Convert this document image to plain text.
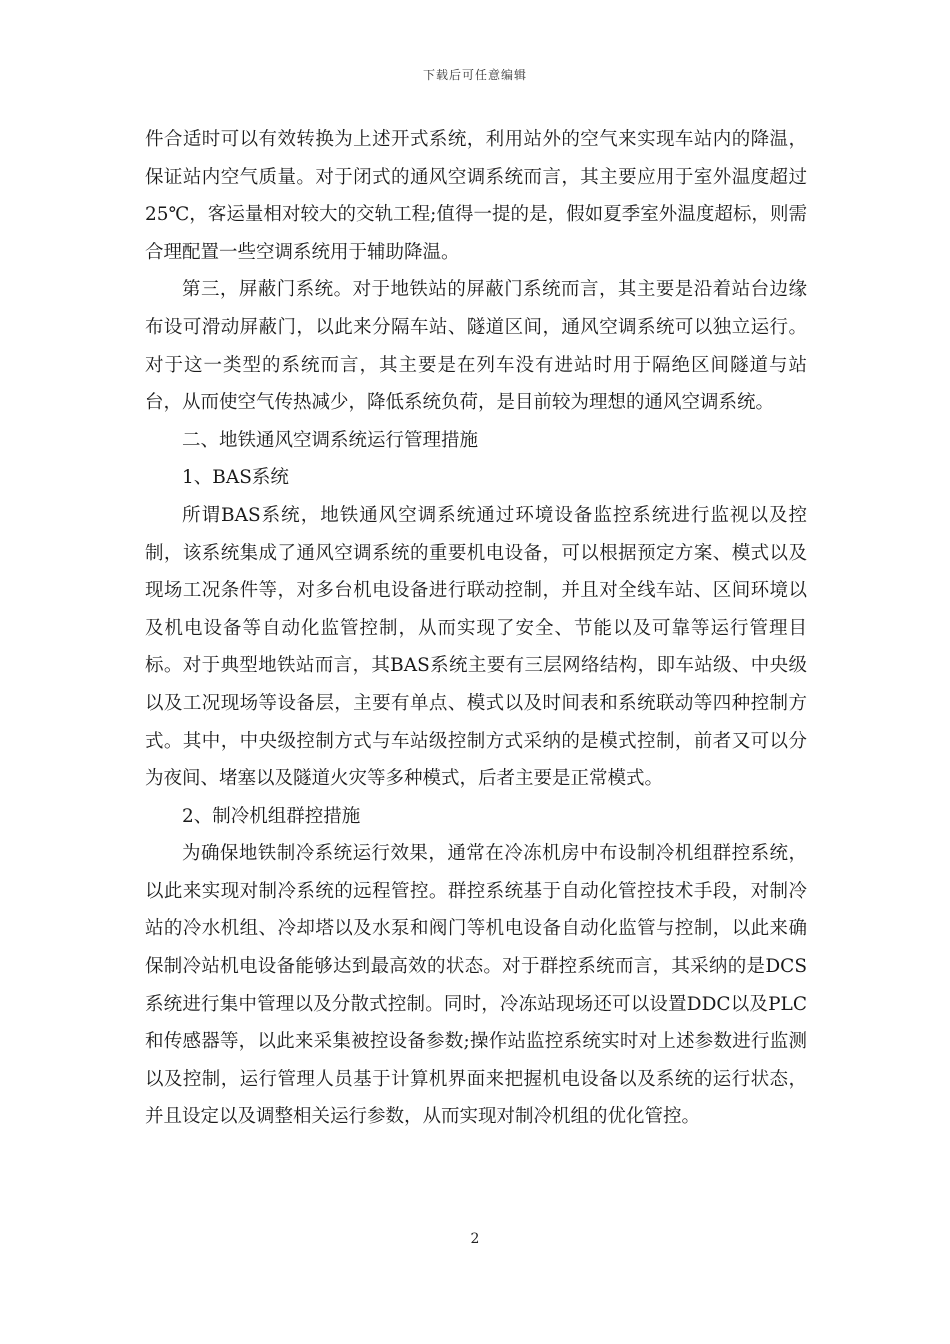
下载后可任意编辑

件合适时可以有效转换为上述开式系统，利用站外的空气来实现车站内的降温，保证站内空气质量。对于闭式的通风空调系统而言，其主要应用于室外温度超过25℃，客运量相对较大的交轨工程;值得一提的是，假如夏季室外温度超标，则需合理配置一些空调系统用于辅助降温。

第三，屏蔽门系统。对于地铁站的屏蔽门系统而言，其主要是沿着站台边缘布设可滑动屏蔽门，以此来分隔车站、隧道区间，通风空调系统可以独立运行。对于这一类型的系统而言，其主要是在列车没有进站时用于隔绝区间隧道与站台，从而使空气传热减少，降低系统负荷，是目前较为理想的通风空调系统。

二、地铁通风空调系统运行管理措施

1、BAS系统

所谓BAS系统，地铁通风空调系统通过环境设备监控系统进行监视以及控制，该系统集成了通风空调系统的重要机电设备，可以根据预定方案、模式以及现场工况条件等，对多台机电设备进行联动控制，并且对全线车站、区间环境以及机电设备等自动化监管控制，从而实现了安全、节能以及可靠等运行管理目标。对于典型地铁站而言，其BAS系统主要有三层网络结构，即车站级、中央级以及工况现场等设备层，主要有单点、模式以及时间表和系统联动等四种控制方式。其中，中央级控制方式与车站级控制方式采纳的是模式控制，前者又可以分为夜间、堵塞以及隧道火灾等多种模式，后者主要是正常模式。

2、制冷机组群控措施

为确保地铁制冷系统运行效果，通常在冷冻机房中布设制冷机组群控系统，以此来实现对制冷系统的远程管控。群控系统基于自动化管控技术手段，对制冷站的冷水机组、冷却塔以及水泵和阀门等机电设备自动化监管与控制，以此来确保制冷站机电设备能够达到最高效的状态。对于群控系统而言，其采纳的是DCS系统进行集中管理以及分散式控制。同时，冷冻站现场还可以设置DDC以及PLC和传感器等，以此来采集被控设备参数;操作站监控系统实时对上述参数进行监测以及控制，运行管理人员基于计算机界面来把握机电设备以及系统的运行状态，并且设定以及调整相关运行参数，从而实现对制冷机组的优化管控。

2
